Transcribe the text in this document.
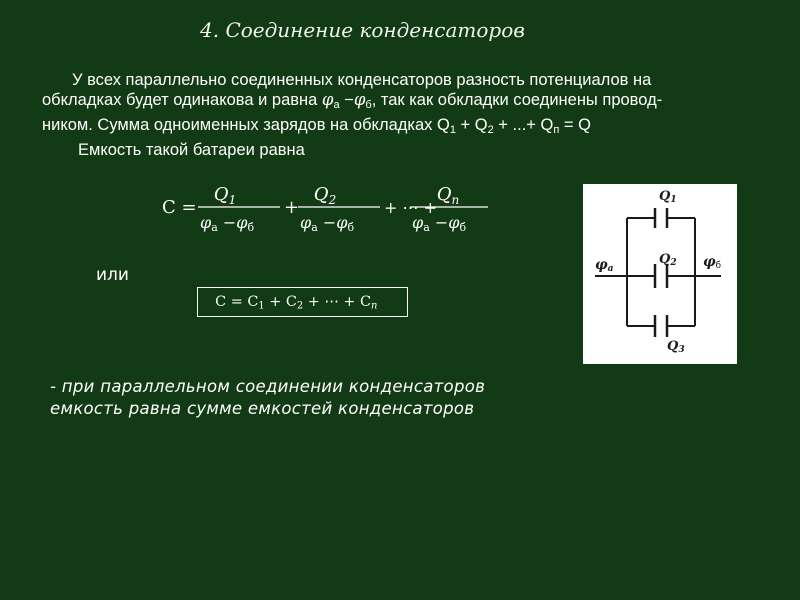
4. Соединение конденсаторов
У всех параллельно соединенных конденсаторов разность потенциалов на
обкладках будет одинакова и равна $\varphi_а -\varphi_б$, так как обкладки соединены провод-
ником. Сумма одноименных зарядов на обкладках $Q_1 + Q_2$ + ...+ $Q_п = Q$
Емкость такой батареи равна
C =
$Q_1$
φа −φб
+
$Q_2$
φа −φб
+ ⋯ +
$Q_n$
φа −φб
или
C = C1 + C2 + ⋯ + Cn
Q1
Q2
Q3
φa	φб
- при параллельном соединении конденсаторов
емкость равна сумме емкостей конденсаторов
